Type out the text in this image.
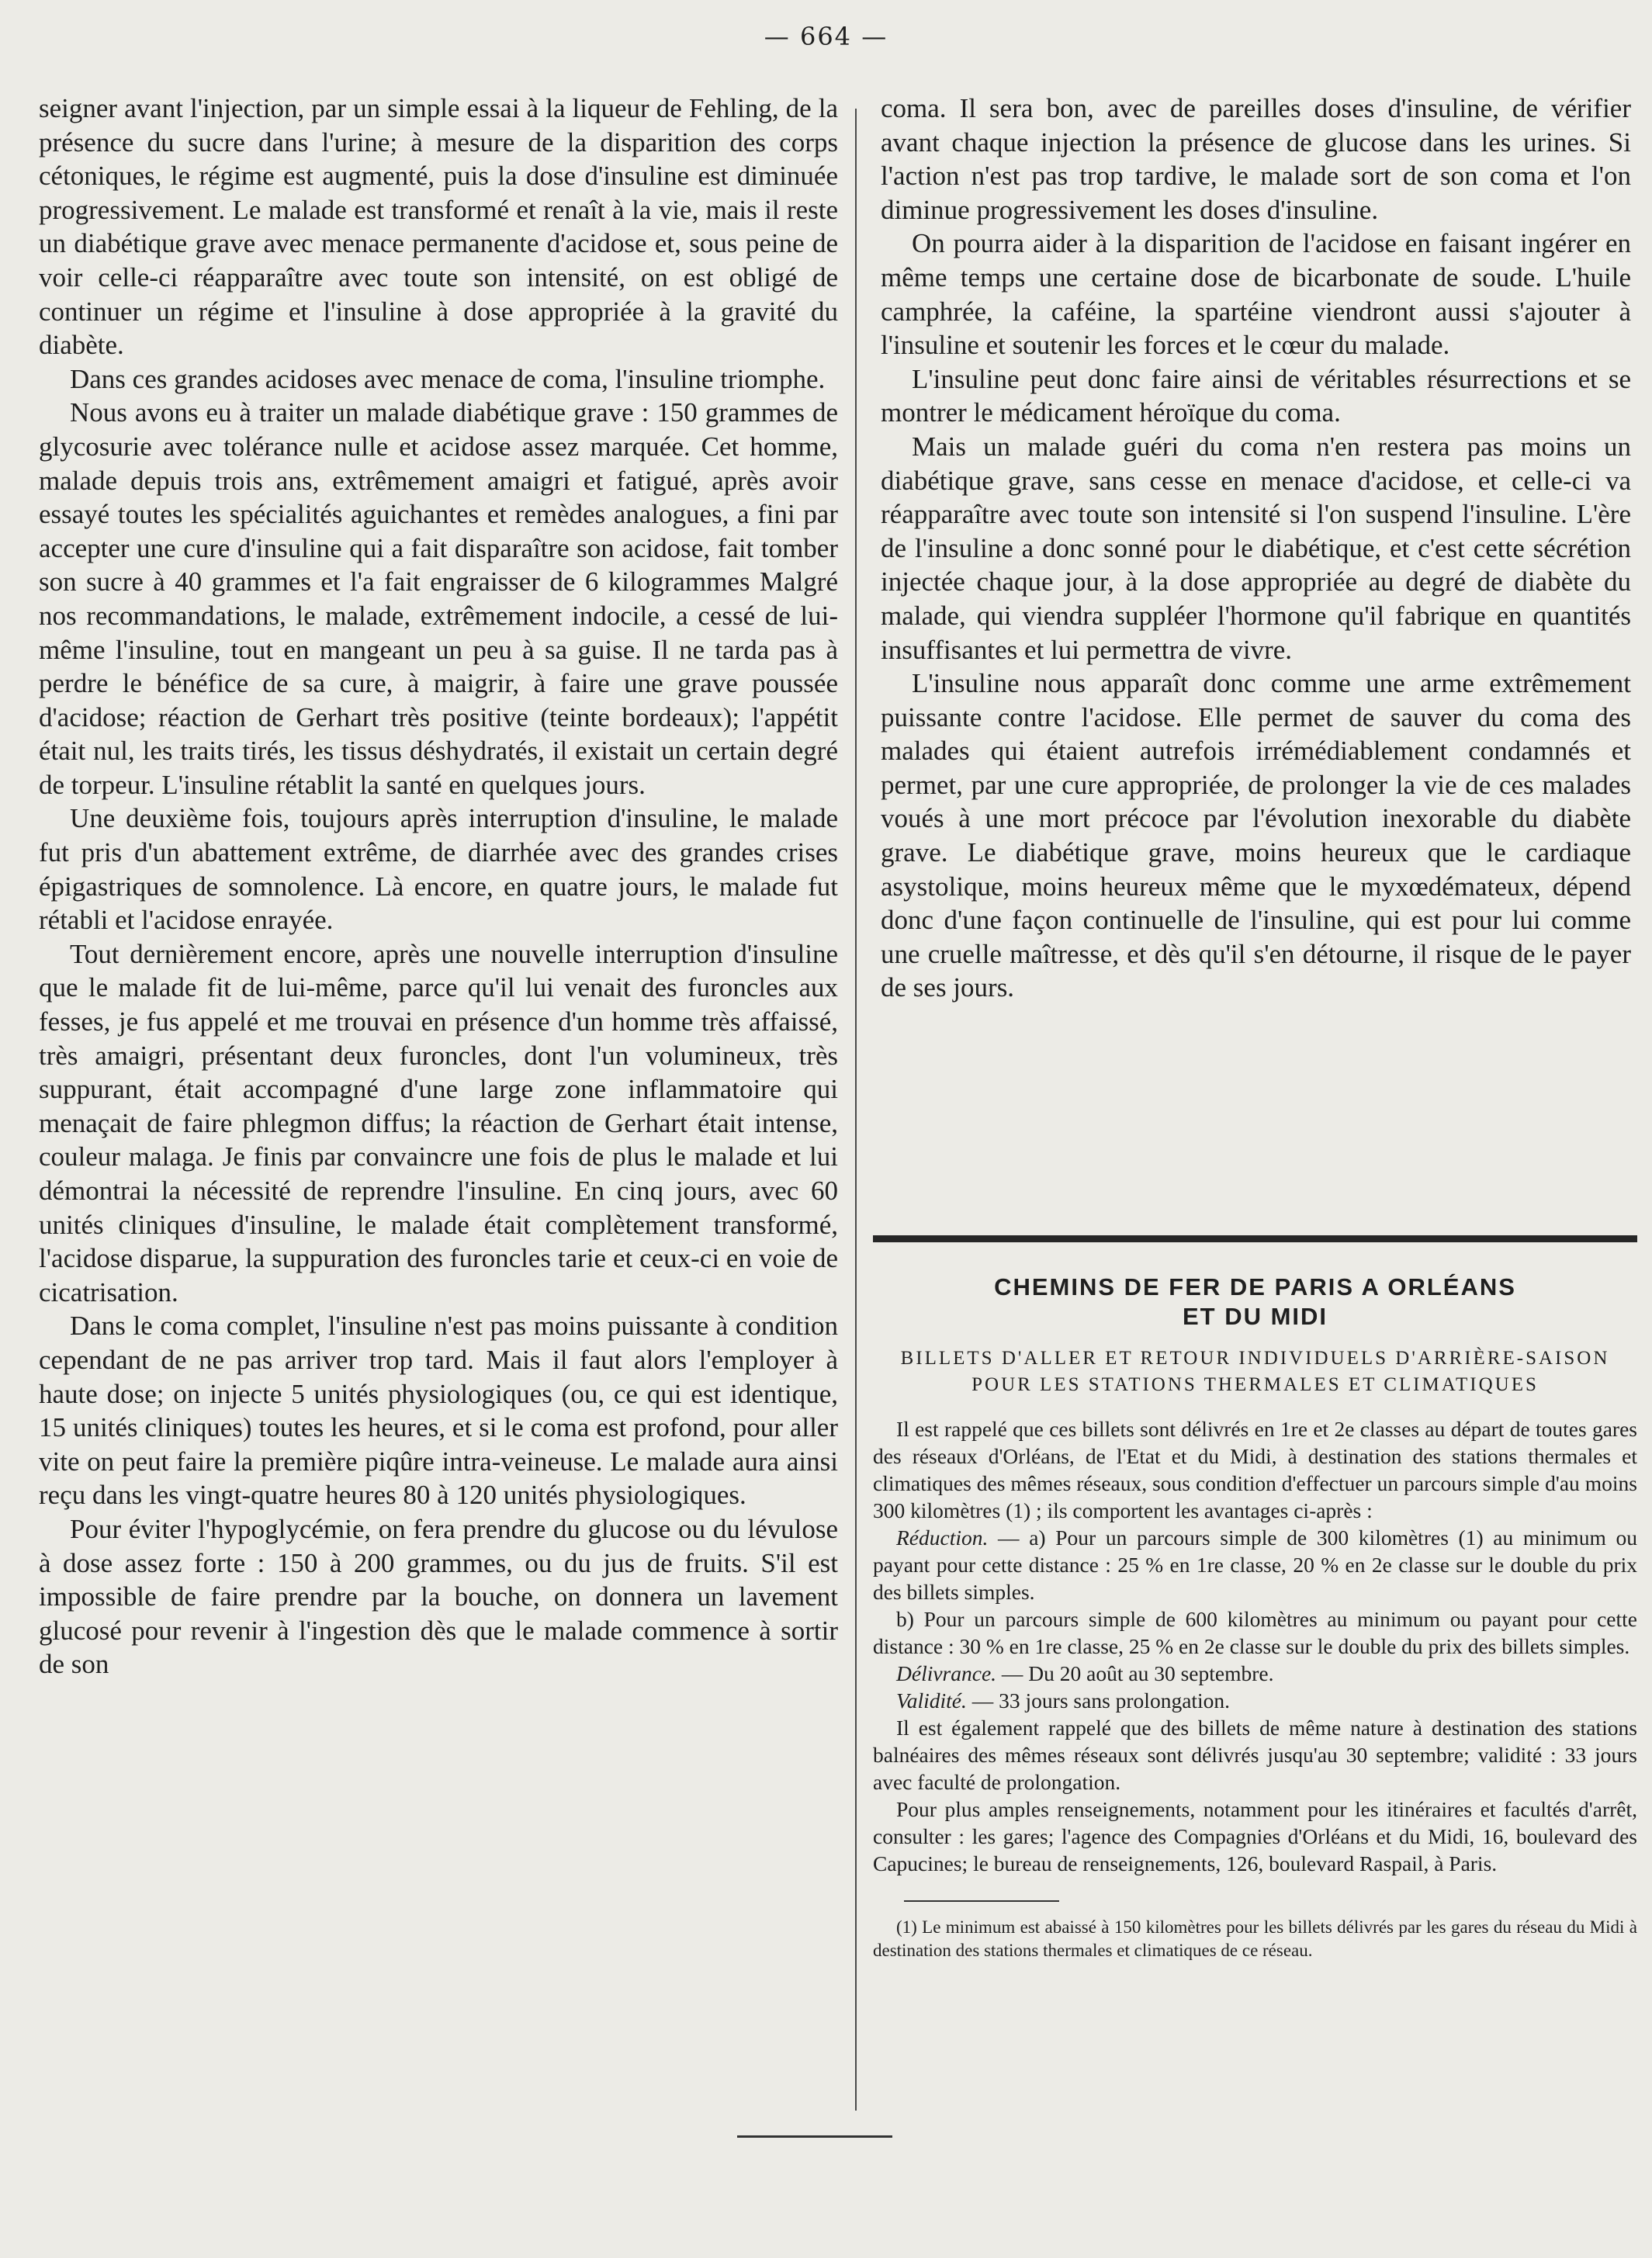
— 664 —

seigner avant l'injection, par un simple essai à la liqueur de Fehling, de la présence du sucre dans l'urine; à mesure de la disparition des corps cétoniques, le régime est augmenté, puis la dose d'insuline est diminuée progressivement. Le malade est transformé et renaît à la vie, mais il reste un diabétique grave avec menace permanente d'acidose et, sous peine de voir celle-ci réapparaître avec toute son intensité, on est obligé de continuer un régime et l'insuline à dose appropriée à la gravité du diabète.

Dans ces grandes acidoses avec menace de coma, l'insuline triomphe.

Nous avons eu à traiter un malade diabétique grave : 150 grammes de glycosurie avec tolérance nulle et acidose assez marquée. Cet homme, malade depuis trois ans, extrêmement amaigri et fatigué, après avoir essayé toutes les spécialités aguichantes et remèdes analogues, a fini par accepter une cure d'insuline qui a fait disparaître son acidose, fait tomber son sucre à 40 grammes et l'a fait engraisser de 6 kilogrammes Malgré nos recommandations, le malade, extrêmement indocile, a cessé de lui-même l'insuline, tout en mangeant un peu à sa guise. Il ne tarda pas à perdre le bénéfice de sa cure, à maigrir, à faire une grave poussée d'acidose; réaction de Gerhart très positive (teinte bordeaux); l'appétit était nul, les traits tirés, les tissus déshydratés, il existait un certain degré de torpeur. L'insuline rétablit la santé en quelques jours.

Une deuxième fois, toujours après interruption d'insuline, le malade fut pris d'un abattement extrême, de diarrhée avec des grandes crises épigastriques de somnolence. Là encore, en quatre jours, le malade fut rétabli et l'acidose enrayée.

Tout dernièrement encore, après une nouvelle interruption d'insuline que le malade fit de lui-même, parce qu'il lui venait des furoncles aux fesses, je fus appelé et me trouvai en présence d'un homme très affaissé, très amaigri, présentant deux furoncles, dont l'un volumineux, très suppurant, était accompagné d'une large zone inflammatoire qui menaçait de faire phlegmon diffus; la réaction de Gerhart était intense, couleur malaga. Je finis par convaincre une fois de plus le malade et lui démontrai la nécessité de reprendre l'insuline. En cinq jours, avec 60 unités cliniques d'insuline, le malade était complètement transformé, l'acidose disparue, la suppuration des furoncles tarie et ceux-ci en voie de cicatrisation.

Dans le coma complet, l'insuline n'est pas moins puissante à condition cependant de ne pas arriver trop tard. Mais il faut alors l'employer à haute dose; on injecte 5 unités physiologiques (ou, ce qui est identique, 15 unités cliniques) toutes les heures, et si le coma est profond, pour aller vite on peut faire la première piqûre intra-veineuse. Le malade aura ainsi reçu dans les vingt-quatre heures 80 à 120 unités physiologiques.

Pour éviter l'hypoglycémie, on fera prendre du glucose ou du lévulose à dose assez forte : 150 à 200 grammes, ou du jus de fruits. S'il est impossible de faire prendre par la bouche, on donnera un lavement glucosé pour revenir à l'ingestion dès que le malade commence à sortir de son

coma. Il sera bon, avec de pareilles doses d'insuline, de vérifier avant chaque injection la présence de glucose dans les urines. Si l'action n'est pas trop tardive, le malade sort de son coma et l'on diminue progressivement les doses d'insuline.

On pourra aider à la disparition de l'acidose en faisant ingérer en même temps une certaine dose de bicarbonate de soude. L'huile camphrée, la caféine, la spartéine viendront aussi s'ajouter à l'insuline et soutenir les forces et le cœur du malade.

L'insuline peut donc faire ainsi de véritables résurrections et se montrer le médicament héroïque du coma.

Mais un malade guéri du coma n'en restera pas moins un diabétique grave, sans cesse en menace d'acidose, et celle-ci va réapparaître avec toute son intensité si l'on suspend l'insuline. L'ère de l'insuline a donc sonné pour le diabétique, et c'est cette sécrétion injectée chaque jour, à la dose appropriée au degré de diabète du malade, qui viendra suppléer l'hormone qu'il fabrique en quantités insuffisantes et lui permettra de vivre.

L'insuline nous apparaît donc comme une arme extrêmement puissante contre l'acidose. Elle permet de sauver du coma des malades qui étaient autrefois irrémédiablement condamnés et permet, par une cure appropriée, de prolonger la vie de ces malades voués à une mort précoce par l'évolution inexorable du diabète grave. Le diabétique grave, moins heureux que le cardiaque asystolique, moins heureux même que le myxœdémateux, dépend donc d'une façon continuelle de l'insuline, qui est pour lui comme une cruelle maîtresse, et dès qu'il s'en détourne, il risque de le payer de ses jours.

CHEMINS DE FER DE PARIS A ORLÉANS
ET DU MIDI
BILLETS D'ALLER ET RETOUR INDIVIDUELS D'ARRIÈRE-SAISON
POUR LES STATIONS THERMALES ET CLIMATIQUES

Il est rappelé que ces billets sont délivrés en 1re et 2e classes au départ de toutes gares des réseaux d'Orléans, de l'Etat et du Midi, à destination des stations thermales et climatiques des mêmes réseaux, sous condition d'effectuer un parcours simple d'au moins 300 kilomètres (1) ; ils comportent les avantages ci-après :

Réduction. — a) Pour un parcours simple de 300 kilomètres (1) au minimum ou payant pour cette distance : 25 % en 1re classe, 20 % en 2e classe sur le double du prix des billets simples.

b) Pour un parcours simple de 600 kilomètres au minimum ou payant pour cette distance : 30 % en 1re classe, 25 % en 2e classe sur le double du prix des billets simples.

Délivrance. — Du 20 août au 30 septembre.

Validité. — 33 jours sans prolongation.

Il est également rappelé que des billets de même nature à destination des stations balnéaires des mêmes réseaux sont délivrés jusqu'au 30 septembre; validité : 33 jours avec faculté de prolongation.

Pour plus amples renseignements, notamment pour les itinéraires et facultés d'arrêt, consulter : les gares; l'agence des Compagnies d'Orléans et du Midi, 16, boulevard des Capucines; le bureau de renseignements, 126, boulevard Raspail, à Paris.

(1) Le minimum est abaissé à 150 kilomètres pour les billets délivrés par les gares du réseau du Midi à destination des stations thermales et climatiques de ce réseau.
